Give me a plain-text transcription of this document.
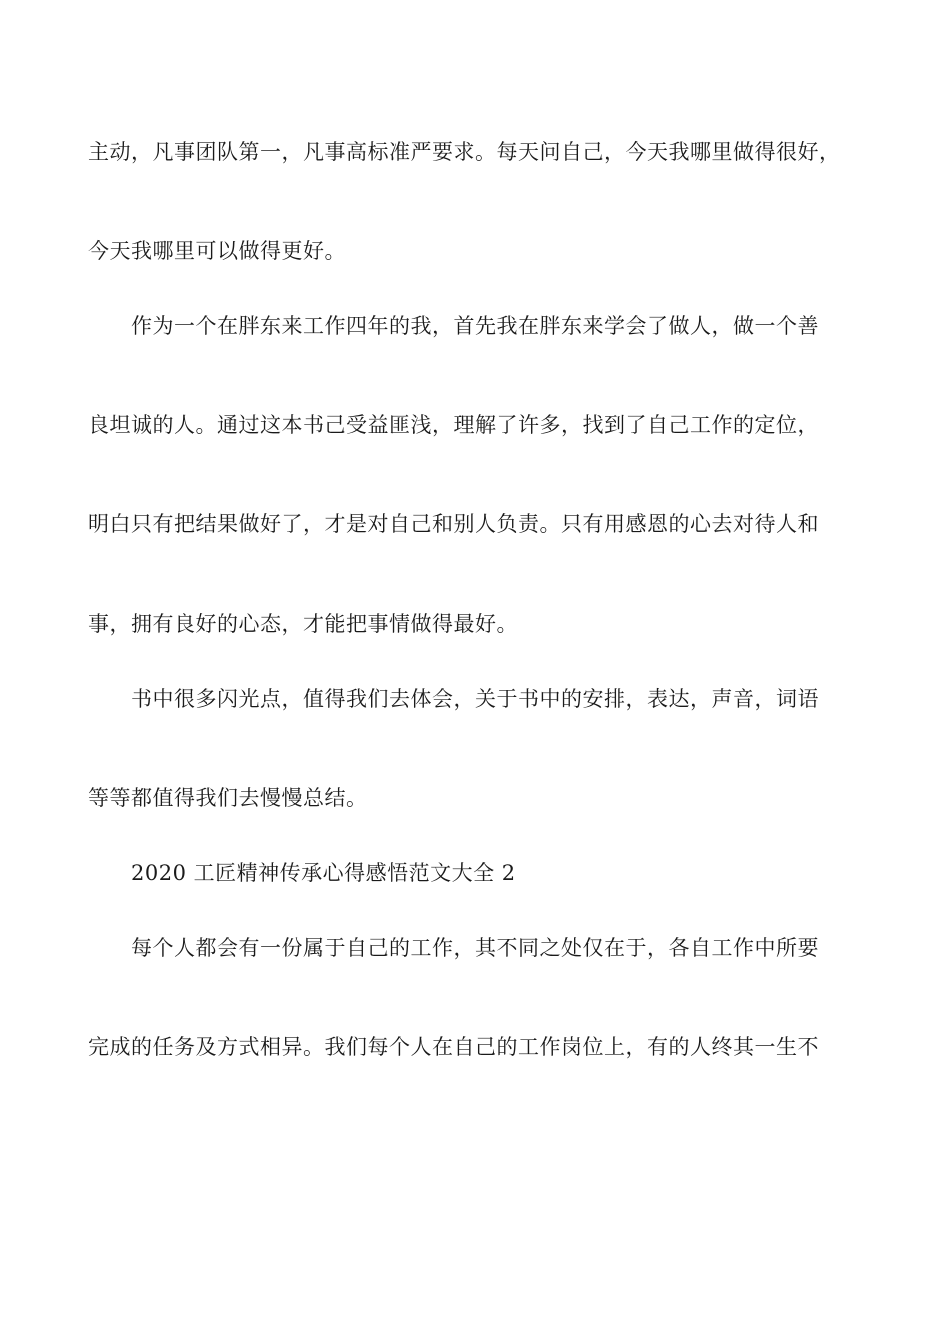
主动，凡事团队第一，凡事高标准严要求。每天问自己，今天我哪里做得很好，
今天我哪里可以做得更好。
作为一个在胖东来工作四年的我，首先我在胖东来学会了做人，做一个善
良坦诚的人。通过这本书己受益匪浅，理解了许多，找到了自己工作的定位，
明白只有把结果做好了，才是对自己和别人负责。只有用感恩的心去对待人和
事，拥有良好的心态，才能把事情做得最好。
书中很多闪光点，值得我们去体会，关于书中的安排，表达，声音，词语
等等都值得我们去慢慢总结。
2020 工匠精神传承心得感悟范文大全 2
每个人都会有一份属于自己的工作，其不同之处仅在于，各自工作中所要
完成的任务及方式相异。我们每个人在自己的工作岗位上，有的人终其一生不
